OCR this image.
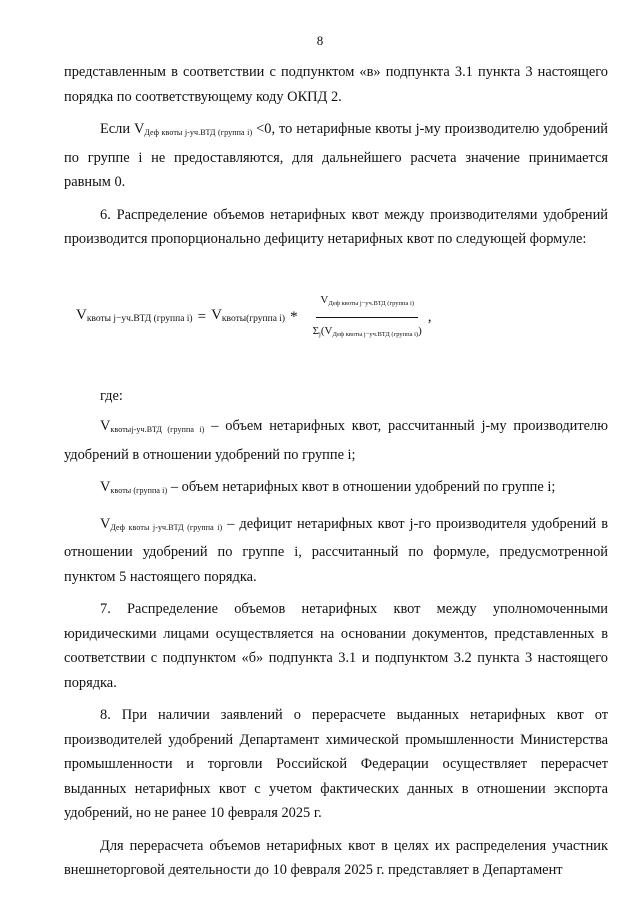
8

представленным в соответствии с подпунктом «в» подпункта 3.1 пункта 3 настоящего порядка по соответствующему коду ОКПД 2.

Если $V_{Деф квоты j-уч.ВТД (группа i)} <0$, то нетарифные квоты j-му производителю удобрений по группе i не предоставляются, для дальнейшего расчета значение принимается равным 0.

6. Распределение объемов нетарифных квот между производителями удобрений производится пропорционально дефициту нетарифных квот по следующей формуле:

Vквоты j−уч.ВТД (группа i) = Vквоты(группа $i) * \frac{\text{VДеф квоты j−уч.ВТД (группа i)}}{\text{Σj(VДеф квоты j−уч.ВТД (группа i))}}$ ,

где:

$V_{квотыj-уч.ВТД (группа i)}$ – объем нетарифных квот, рассчитанный j-му производителю удобрений в отношении удобрений по группе i;

$V_{квоты (группа i)}$ – объем нетарифных квот в отношении удобрений по группе i;

$V_{Деф квоты j-уч.ВТД (группа i)}$ – дефицит нетарифных квот j-го производителя удобрений в отношении удобрений по группе i, рассчитанный по формуле, предусмотренной пунктом 5 настоящего порядка.

7. Распределение объемов нетарифных квот между уполномоченными юридическими лицами осуществляется на основании документов, представленных в соответствии с подпунктом «б» подпункта 3.1 и подпунктом 3.2 пункта 3 настоящего порядка.

8. При наличии заявлений о перерасчете выданных нетарифных квот от производителей удобрений Департамент химической промышленности Министерства промышленности и торговли Российской Федерации осуществляет перерасчет выданных нетарифных квот с учетом фактических данных в отношении экспорта удобрений, но не ранее 10 февраля 2025 г.

Для перерасчета объемов нетарифных квот в целях их распределения участник внешнеторговой деятельности до 10 февраля 2025 г. представляет в Департамент
